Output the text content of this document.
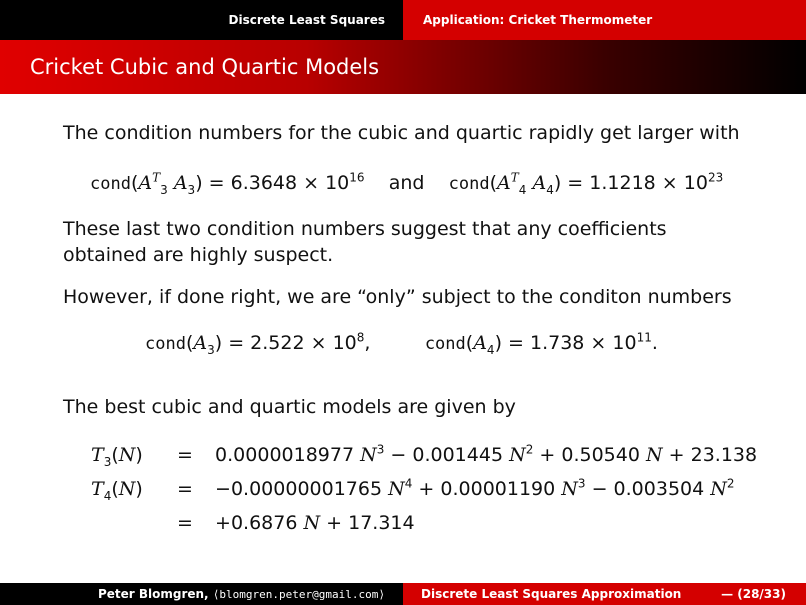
Discrete Least Squares	Application: Cricket Thermometer
Cricket Cubic and Quartic Models

The condition numbers for the cubic and quartic rapidly get larger with

$cond(A^T_3$ $A_3) = 6.3648 \times 10^{16}$ and $cond(A^T_4$ $A_4) = 1.1218 \times 10^{23}$

These last two condition numbers suggest that any coefficients obtained are highly suspect.

However, if done right, we are “only” subject to the conditon numbers

$cond(A_3) = 2.522 \times 10^8$,         $cond(A_4) = 1.738 \times 10^{11}$.

The best cubic and quartic models are given by

$T_3(N) = 0.0000018977$ $N^3 - 0.001445$ $N^2 + 0.50540$ N + 23.138
$T_4(N) = -0.00000001765$ $N^4 + 0.00001190$ $N^3 - 0.003504$ $N^2$
= +0.6876 N + 17.314
Peter Blomgren,
⟨blomgren.peter@gmail.com⟩	Discrete Least Squares Approximation	— (28/33)
